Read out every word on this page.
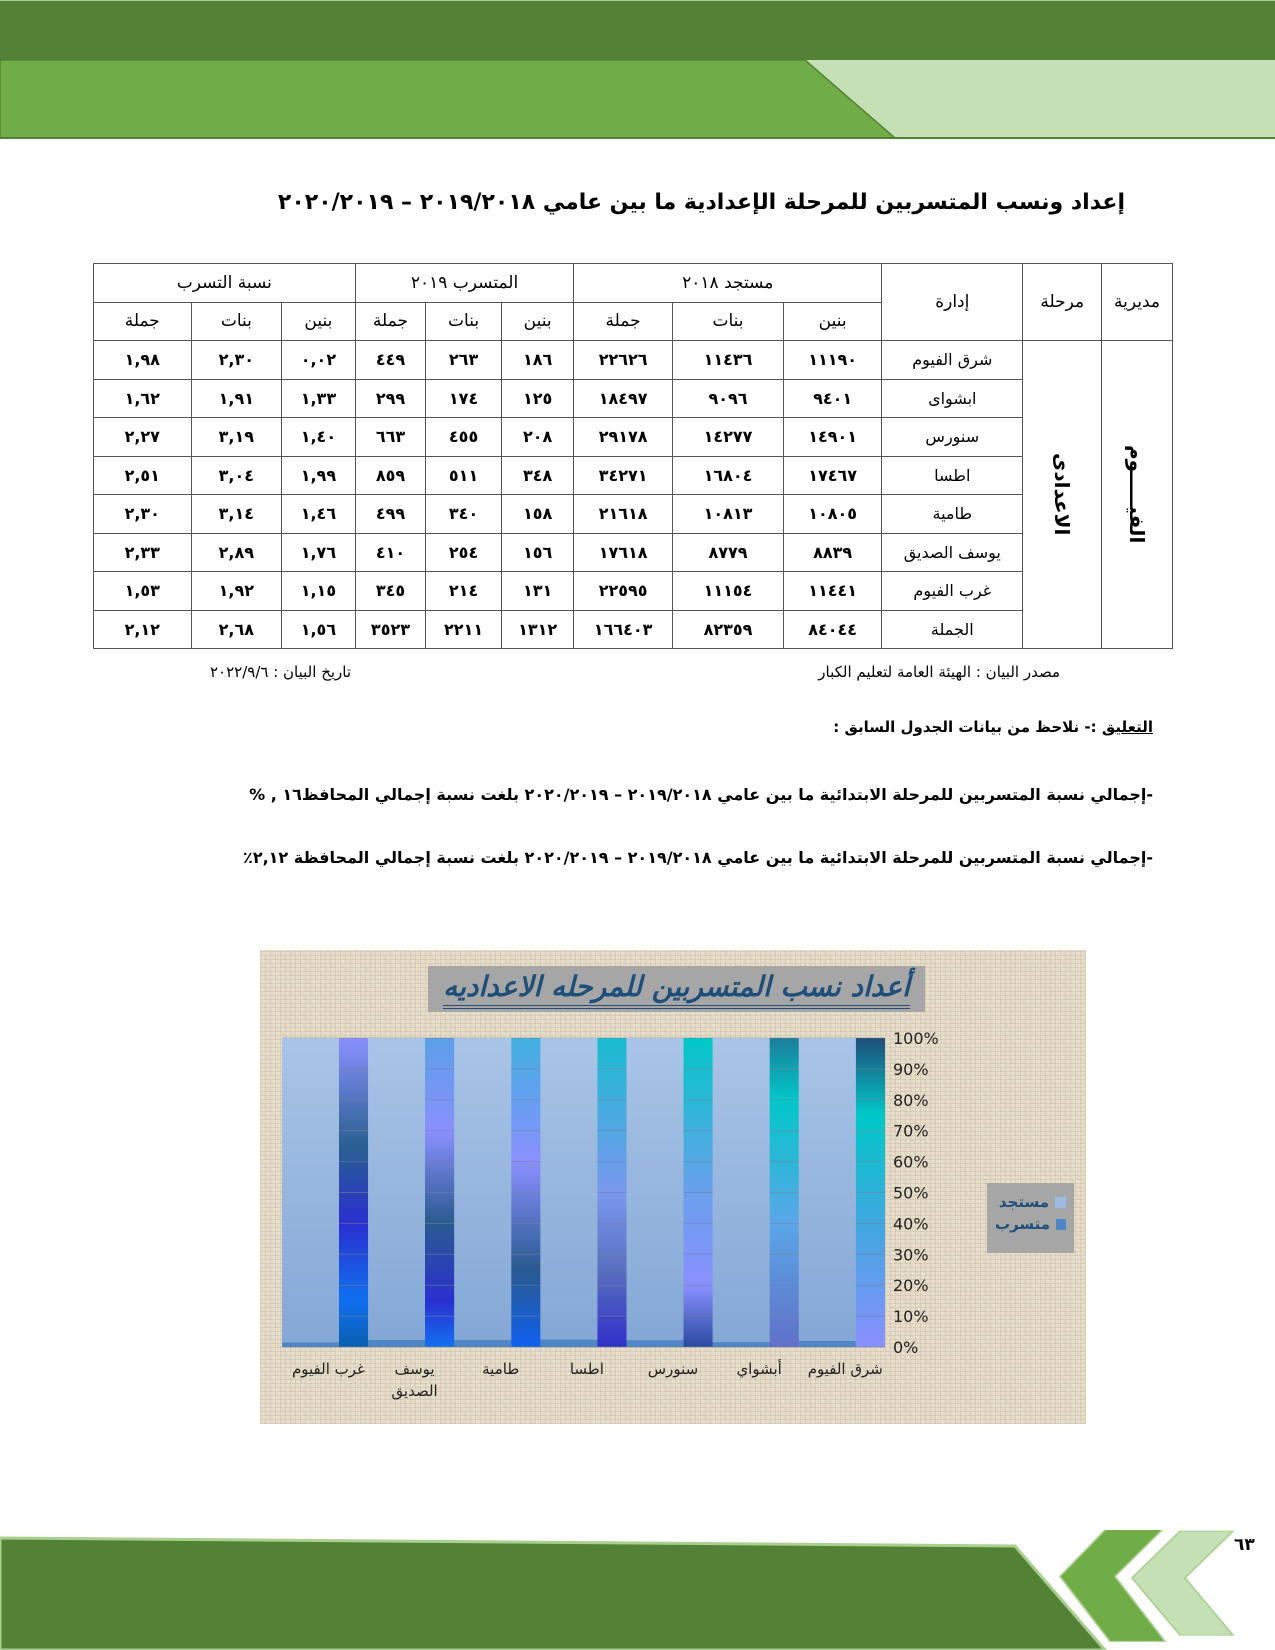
إعداد ونسب المتسربين للمرحلة الإعدادية ما بين عامي ٢٠١٩/٢٠١٨ – ٢٠٢٠/٢٠١٩
مديرية	مرحلة	إدارة	مستجد ٢٠١٨			المتسرب ٢٠١٩			نسبة التسرب		
			بنين	بنات	جملة	بنين	بنات	جملة	بنين	بنات	جملة

الفيـــــوم	الاعدادى	شرق الفيوم	١١١٩٠	١١٤٣٦	٢٢٦٢٦	١٨٦	٢٦٣	٤٤٩	٠,٠٢	٢,٣٠	١,٩٨
		ابشواى	٩٤٠١	٩٠٩٦	١٨٤٩٧	١٢٥	١٧٤	٢٩٩	١,٣٣	١,٩١	١,٦٢
		سنورس	١٤٩٠١	١٤٢٧٧	٢٩١٧٨	٢٠٨	٤٥٥	٦٦٣	١,٤٠	٣,١٩	٢,٢٧
		اطسا	١٧٤٦٧	١٦٨٠٤	٣٤٢٧١	٣٤٨	٥١١	٨٥٩	١,٩٩	٣,٠٤	٢,٥١
		طامية	١٠٨٠٥	١٠٨١٣	٢١٦١٨	١٥٨	٣٤٠	٤٩٩	١,٤٦	٣,١٤	٢,٣٠
		يوسف الصديق	٨٨٣٩	٨٧٧٩	١٧٦١٨	١٥٦	٢٥٤	٤١٠	١,٧٦	٢,٨٩	٢,٣٣
		غرب الفيوم	١١٤٤١	١١١٥٤	٢٢٥٩٥	١٣١	٢١٤	٣٤٥	١,١٥	١,٩٢	١,٥٣
		الجملة	٨٤٠٤٤	٨٢٣٥٩	١٦٦٤٠٣	١٣١٢	٢٢١١	٣٥٢٣	١,٥٦	٢,٦٨	٢,١٢
مصدر البيان : الهيئة العامة لتعليم الكبار
تاريخ البيان : ٢٠٢٢/٩/٦
التعليق :- نلاحظ من بيانات الجدول السابق :
-إجمالي نسبة المتسربين للمرحلة الابتدائية ما بين عامي ٢٠١٩/٢٠١٨ – ٢٠٢٠/٢٠١٩ بلغت نسبة إجمالي المحافظ١٦ , %
-إجمالي نسبة المتسربين للمرحلة الابتدائية ما بين عامي ٢٠١٩/٢٠١٨ – ٢٠٢٠/٢٠١٩ بلغت نسبة إجمالي المحافظة ٢,١٢٪
شرق الفيوم
أبشواي
سنورس
اطسا
طامية
يوسف
الصديق
غرب الفيوم
0%
10%
20%
30%
40%
50%
60%
70%
80%
90%
100%
أعداد نسب المتسربين للمرحله الاعداديه
مستجد
متسرب
٦٣
